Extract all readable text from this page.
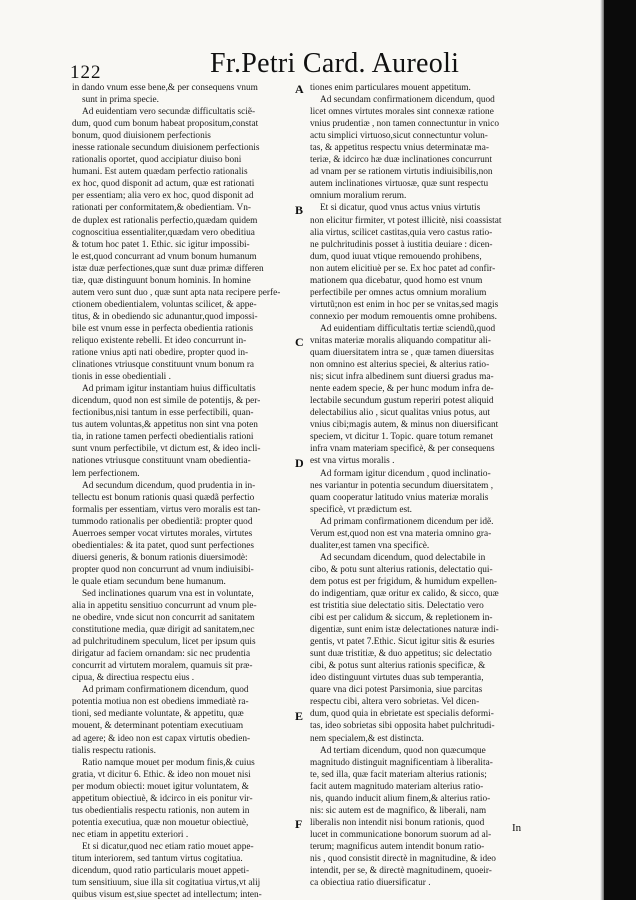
122	Fr.Petri Card. Aureoli
in dando vnum esse bene,& per consequens vnum
sunt in prima specie.
Ad euidentiam vero secundæ difficultatis sciẽ-
dum, quod cum bonum habeat propositum,constat
bonum, quod diuisionem perfectionis
inesse rationale secundum diuisionem perfectionis
rationalis oportet, quod accipiatur diuiso boni
humani. Est autem quædam perfectio rationalis
ex hoc, quod disponit ad actum, quæ est rationati
per essentiam; alia vero ex hoc, quod disponit ad
rationati per conformitatem,& obedientiam. Vn-
de duplex est rationalis perfectio,quædam quidem
cognoscitiua essentialiter,quædam vero obeditiua
& totum hoc patet 1. Ethic. sic igitur impossibi-
le est,quod concurrant ad vnum bonum humanum
istæ duæ perfectiones,quæ sunt duæ primæ differen
tiæ, quæ distinguunt bonum hominis. In homine
autem vero sunt duo , quæ sunt apta nata recipere perfe-
ctionem obedientialem, voluntas scilicet, & appe-
titus, & in obediendo sic adunantur,quod impossi-
bile est vnum esse in perfecta obedientia rationis
reliquo existente rebelli. Et ideo concurrunt in-
ratione vnius apti nati obedire, propter quod in-
clinationes vtriusque constituunt vnum bonum ra
tionis in esse obedientiali .
Ad primam igitur instantiam huius difficultatis
dicendum, quod non est simile de potentijs, & per-
fectionibus,nisi tantum in esse perfectibili, quan-
tus autem voluntas,& appetitus non sint vna poten
tia, in ratione tamen perfecti obedientialis rationi
sunt vnum perfectibile, vt dictum est, & ideo incli-
nationes vtriusque constituunt vnam obedientia-
lem perfectionem.
Ad secundum dicendum, quod prudentia in in-
tellectu est bonum rationis quasi quædã perfectio
formalis per essentiam, virtus vero moralis est tan-
tummodo rationalis per obedientiã: propter quod
Auerroes semper vocat virtutes morales, virtutes
obedientiales: & ita patet, quod sunt perfectiones
diuersi generis, & bonum rationis diuersimodè:
propter quod non concurrunt ad vnum indiuisibi-
le quale etiam secundum bene humanum.
Sed inclinationes quarum vna est in voluntate,
alia in appetitu sensitiuo concurrunt ad vnum ple-
ne obedire, vnde sicut non concurrit ad sanitatem
constitutione media, quæ dirigit ad sanitatem,nec
ad pulchritudinem speculum, licet per ipsum quis
dirigatur ad faciem ornandam: sic nec prudentia
concurrit ad virtutem moralem, quamuis sit præ-
cipua, & directiua respectu eius .
Ad primam confirmationem dicendum, quod
potentia motiua non est obediens immediatè ra-
tioni, sed mediante voluntate, & appetitu, quæ
mouent, & determinant potentiam executiuam
ad agere; & ideo non est capax virtutis obedien-
tialis respectu rationis.
Ratio namque mouet per modum finis,& cuius
gratia, vt dicitur 6. Ethic. & ideo non mouet nisi
per modum obiecti: mouet igitur voluntatem, &
appetitum obiectiuè, & idcirco in eis ponitur vir-
tus obedientialis respectu rationis, non autem in
potentia executiua, quæ non mouetur obiectiuè,
nec etiam in appetitu exteriori .
Et si dicatur,quod nec etiam ratio mouet appe-
titum interiorem, sed tantum virtus cogitatiua.
dicendum, quod ratio particularis mouet appeti-
tum sensitiuum, siue illa sit cogitatiua virtus,vt alij
quibus visum est,siue spectet ad intellectum; inten-
tiones enim particulares mouent appetitum.
Ad secundam confirmationem dicendum, quod
licet omnes virtutes morales sint connexæ ratione
vnius prudentiæ , non tamen connectuntur in vnico
actu simplici virtuoso,sicut connectuntur volun-
tas, & appetitus respectu vnius determinatæ ma-
teriæ, & idcirco hæ duæ inclinationes concurrunt
ad vnam per se rationem virtutis indiuisibilis,non
autem inclinationes virtuosæ, quæ sunt respectu
omnium moralium rerum.
Et si dicatur, quod vnus actus vnius virtutis
non elicitur firmiter, vt potest illicitè, nisi coassistat
alia virtus, scilicet castitas,quia vero castus ratio-
ne pulchritudinis posset à iustitia deuiare : dicen-
dum, quod iuuat vtique remouendo prohibens,
non autem elicitiuè per se. Ex hoc patet ad confir-
mationem qua dicebatur, quod homo est vnum
perfectibile per omnes actus omnium moralium
virtutũ;non est enim in hoc per se vnitas,sed magis
connexio per modum remouentis omne prohibens.
Ad euidentiam difficultatis tertiæ sciendũ,quod
vnitas materiæ moralis aliquando compatitur ali-
quam diuersitatem intra se , quæ tamen diuersitas
non omnino est alterius speciei, & alterius ratio-
nis; sicut infra albedinem sunt diuersi gradus ma-
nente eadem specie, & per hunc modum infra de-
lectabile secundum gustum reperiri potest aliquid
delectabilius alio , sicut qualitas vnius potus, aut
vnius cibi;magis autem, & minus non diuersificant
speciem, vt dicitur 1. Topic. quare totum remanet
infra vnam materiam specificè, & per consequens
est vna virtus moralis .
Ad formam igitur dicendum , quod inclinatio-
nes variantur in potentia secundum diuersitatem ,
quam cooperatur latitudo vnius materiæ moralis
specificè, vt prædictum est.
Ad primam confirmationem dicendum per idẽ.
Verum est,quod non est vna materia omnino gra-
dualiter,est tamen vna specificè.
Ad secundam dicendum, quod delectabile in
cibo, & potu sunt alterius rationis, delectatio qui-
dem potus est per frigidum, & humidum expellen-
do indigentiam, quæ oritur ex calido, & sicco, quæ
est tristitia siue delectatio sitis. Delectatio vero
cibi est per calidum & siccum, & repletionem in-
digentiæ, sunt enim istæ delectationes naturæ indi-
gentis, vt patet 7.Ethic. Sicut igitur sitis & esuries
sunt duæ tristitiæ, & duo appetitus; sic delectatio
cibi, & potus sunt alterius rationis specificæ, &
ideo distinguunt virtutes duas sub temperantia,
quare vna dici potest Parsimonia, siue parcitas
respectu cibi, altera vero sobrietas. Vel dicen-
dum, quod quia in ebrietate est specialis deformi-
tas, ideo sobrietas sibi opposita habet pulchritudi-
nem specialem,& est distincta.
Ad tertiam dicendum, quod non quæcumque
magnitudo distinguit magnificentiam à liberalita-
te, sed illa, quæ facit materiam alterius rationis;
facit autem magnitudo materiam alterius ratio-
nis, quando inducit alium finem,& alterius ratio-
nis: sic autem est de magnifico, & liberali, nam
liberalis non intendit nisi bonum rationis, quod
lucet in communicatione bonorum suorum ad al-
terum; magnificus autem intendit bonum ratio-
nis , quod consistit directè in magnitudine, & ideo
intendit, per se, & directè magnitudinem, quoeir-
ca obiectiua ratio diuersificatur .
A
B
C
D
E
F	In
